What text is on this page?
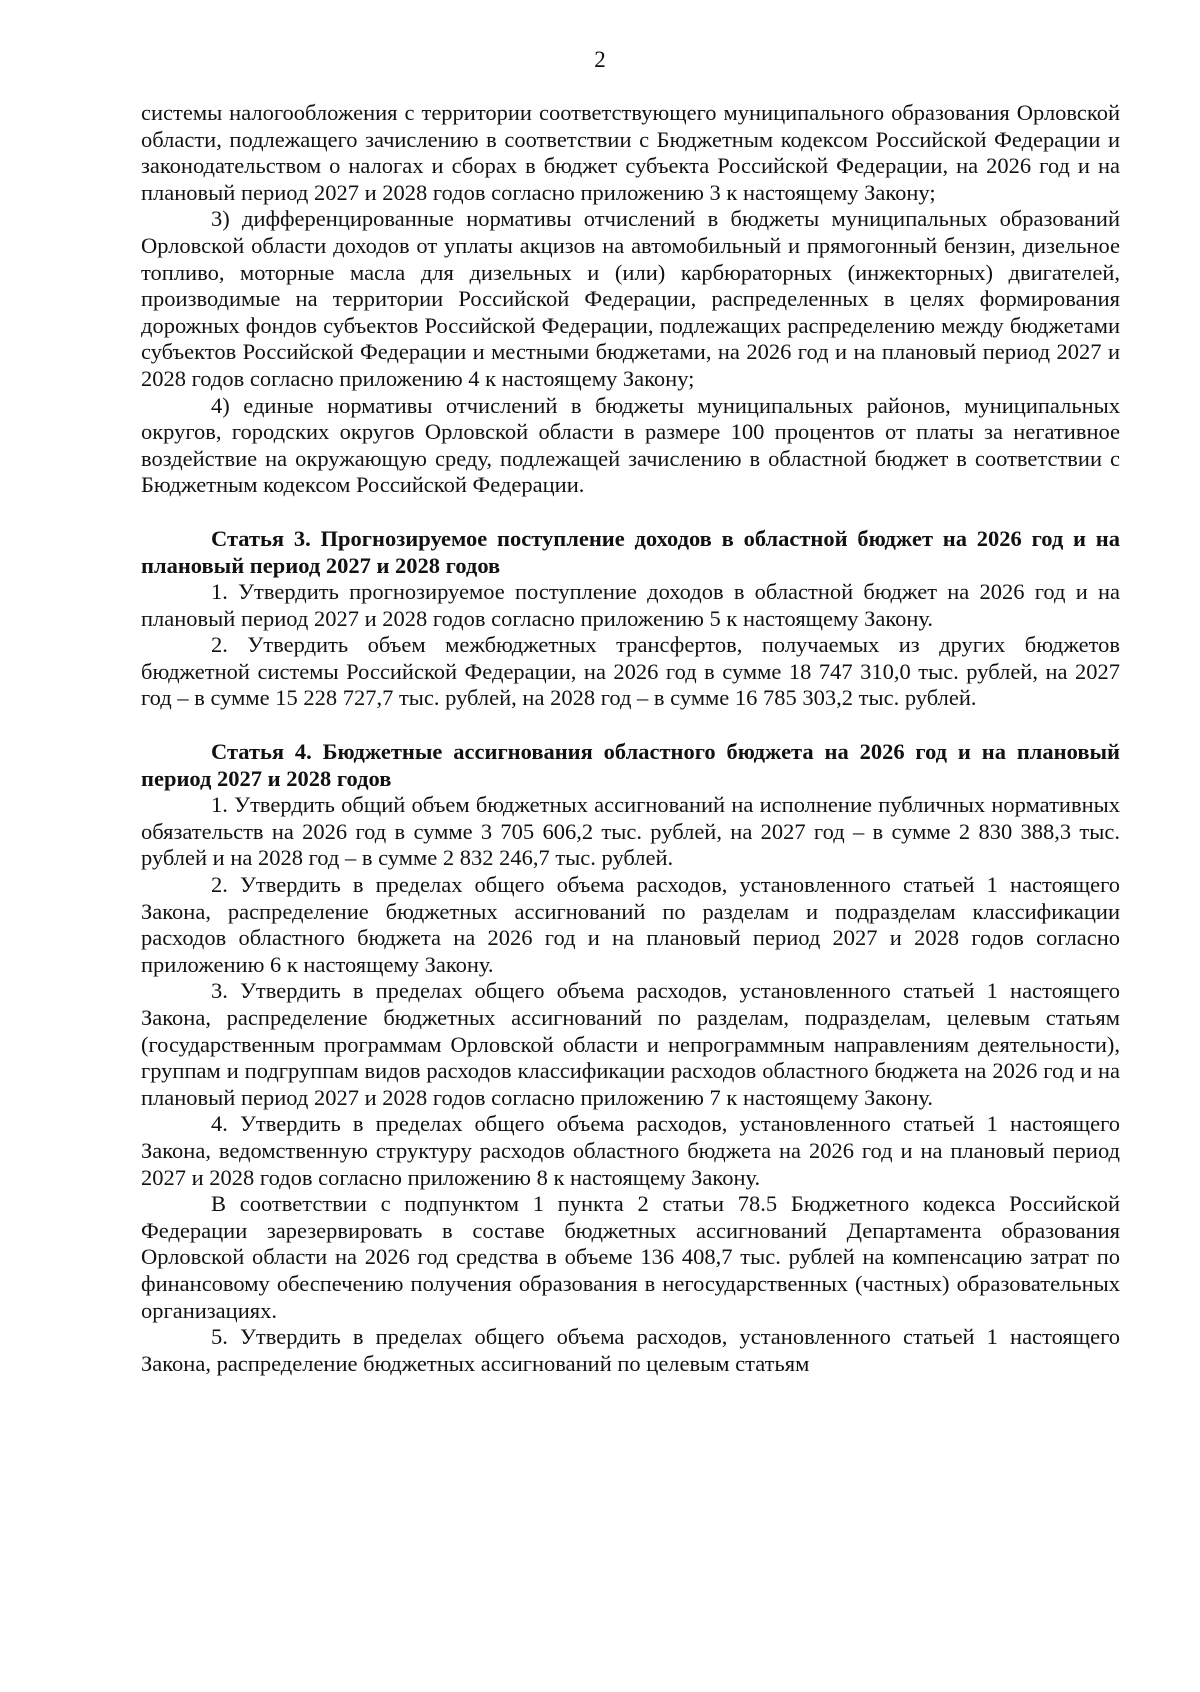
2

системы налогообложения с территории соответствующего муниципального образования Орловской области, подлежащего зачислению в соответствии с Бюджетным кодексом Российской Федерации и законодательством о налогах и сборах в бюджет субъекта Российской Федерации, на 2026 год и на плановый период 2027 и 2028 годов согласно приложению 3 к настоящему Закону;

3) дифференцированные нормативы отчислений в бюджеты муниципальных образований Орловской области доходов от уплаты акцизов на автомобильный и прямогонный бензин, дизельное топливо, моторные масла для дизельных и (или) карбюраторных (инжекторных) двигателей, производимые на территории Российской Федерации, распределенных в целях формирования дорожных фондов субъектов Российской Федерации, подлежащих распределению между бюджетами субъектов Российской Федерации и местными бюджетами, на 2026 год и на плановый период 2027 и 2028 годов согласно приложению 4 к настоящему Закону;

4) единые нормативы отчислений в бюджеты муниципальных районов, муниципальных округов, городских округов Орловской области в размере 100 процентов от платы за негативное воздействие на окружающую среду, подлежащей зачислению в областной бюджет в соответствии с Бюджетным кодексом Российской Федерации.

Статья 3. Прогнозируемое поступление доходов в областной бюджет на 2026 год и на плановый период 2027 и 2028 годов

1. Утвердить прогнозируемое поступление доходов в областной бюджет на 2026 год и на плановый период 2027 и 2028 годов согласно приложению 5 к настоящему Закону.

2. Утвердить объем межбюджетных трансфертов, получаемых из других бюджетов бюджетной системы Российской Федерации, на 2026 год в сумме 18 747 310,0 тыс. рублей, на 2027 год – в сумме 15 228 727,7 тыс. рублей, на 2028 год – в сумме 16 785 303,2 тыс. рублей.

Статья 4. Бюджетные ассигнования областного бюджета на 2026 год и на плановый период 2027 и 2028 годов

1. Утвердить общий объем бюджетных ассигнований на исполнение публичных нормативных обязательств на 2026 год в сумме 3 705 606,2 тыс. рублей, на 2027 год – в сумме 2 830 388,3 тыс. рублей и на 2028 год – в сумме 2 832 246,7 тыс. рублей.

2. Утвердить в пределах общего объема расходов, установленного статьей 1 настоящего Закона, распределение бюджетных ассигнований по разделам и подразделам классификации расходов областного бюджета на 2026 год и на плановый период 2027 и 2028 годов согласно приложению 6 к настоящему Закону.

3. Утвердить в пределах общего объема расходов, установленного статьей 1 настоящего Закона, распределение бюджетных ассигнований по разделам, подразделам, целевым статьям (государственным программам Орловской области и непрограммным направлениям деятельности), группам и подгруппам видов расходов классификации расходов областного бюджета на 2026 год и на плановый период 2027 и 2028 годов согласно приложению 7 к настоящему Закону.

4. Утвердить в пределах общего объема расходов, установленного статьей 1 настоящего Закона, ведомственную структуру расходов областного бюджета на 2026 год и на плановый период 2027 и 2028 годов согласно приложению 8 к настоящему Закону.

В соответствии с подпунктом 1 пункта 2 статьи 78.5 Бюджетного кодекса Российской Федерации зарезервировать в составе бюджетных ассигнований Департамента образования Орловской области на 2026 год средства в объеме 136 408,7 тыс. рублей на компенсацию затрат по финансовому обеспечению получения образования в негосударственных (частных) образовательных организациях.

5. Утвердить в пределах общего объема расходов, установленного статьей 1 настоящего Закона, распределение бюджетных ассигнований по целевым статьям
